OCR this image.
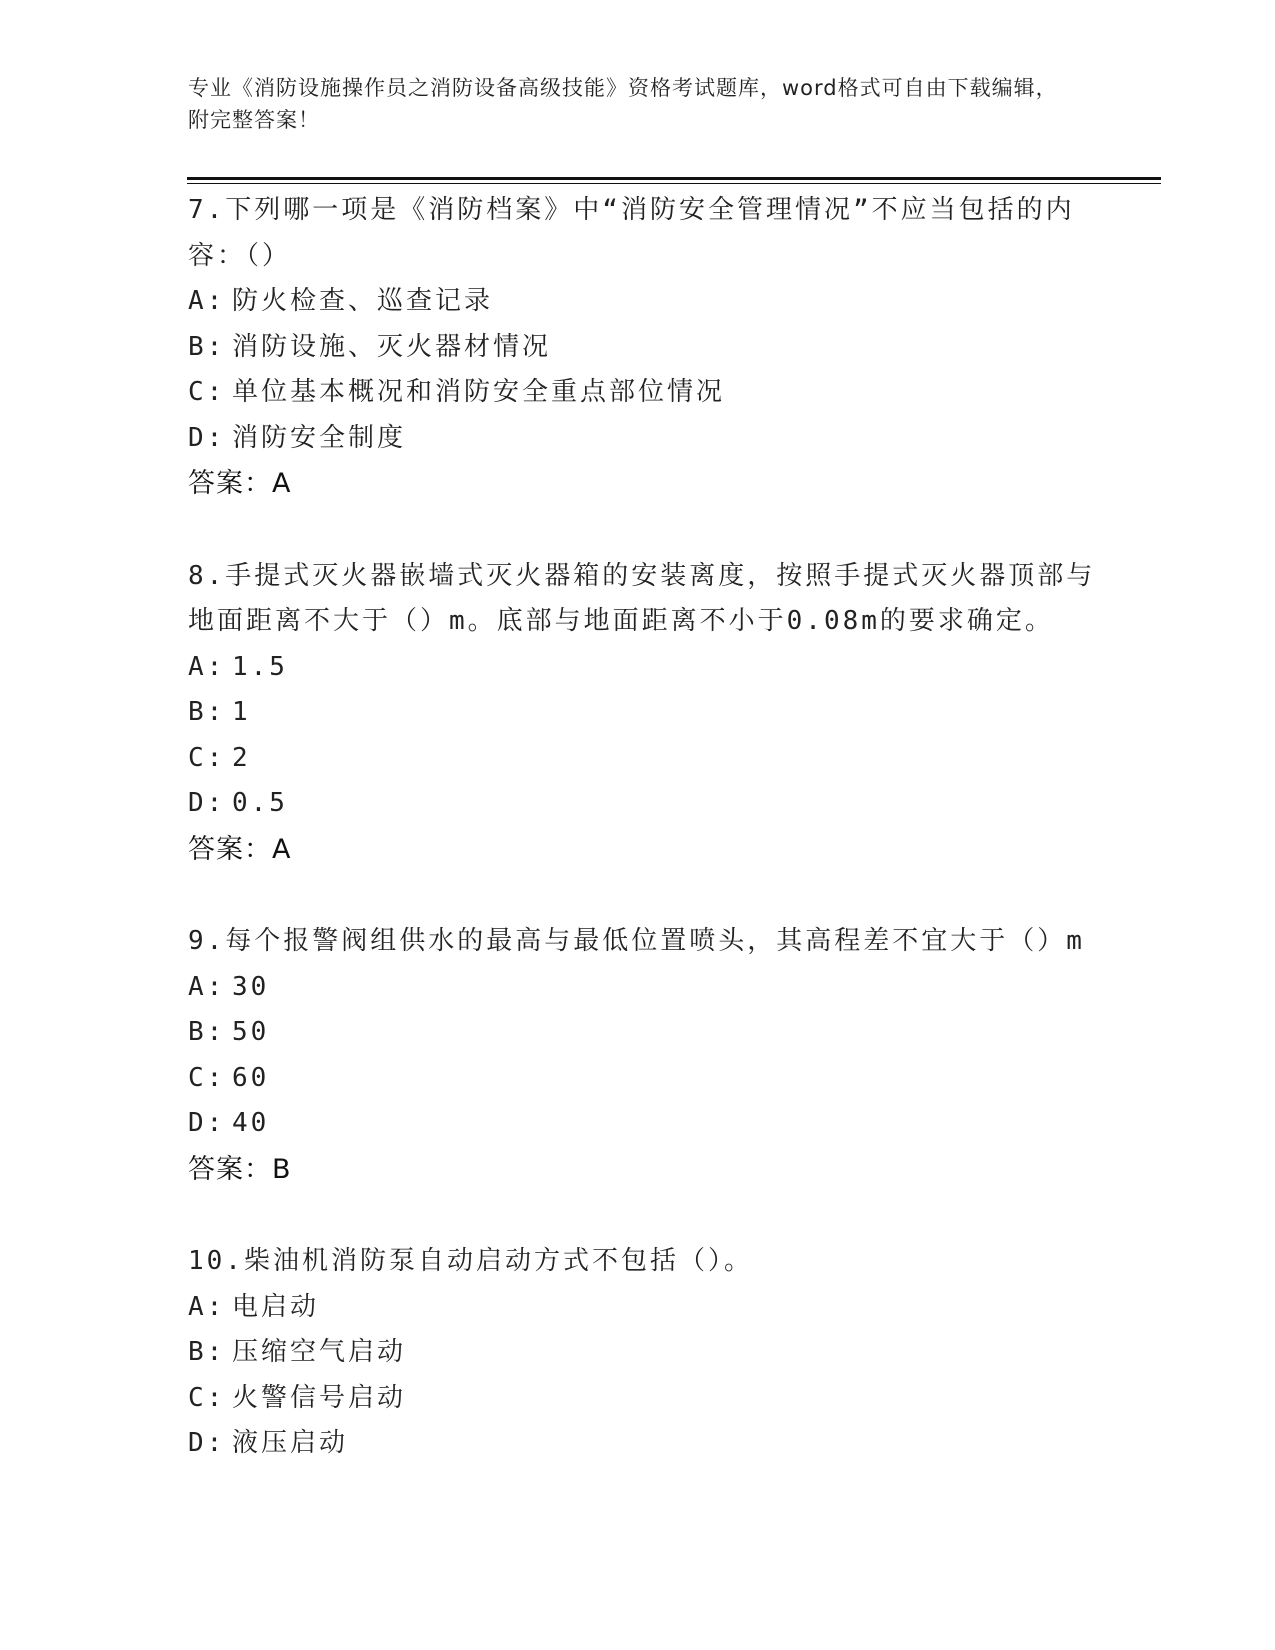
专业《消防设施操作员之消防设备高级技能》资格考试题库，word格式可自由下载编辑，附完整答案！
7.下列哪一项是《消防档案》中“消防安全管理情况”不应当包括的内容：（）
A: 防火检查、巡查记录
B: 消防设施、灭火器材情况
C: 单位基本概况和消防安全重点部位情况
D: 消防安全制度
答案：A
8.手提式灭火器嵌墙式灭火器箱的安装离度，按照手提式灭火器顶部与地面距离不大于（）m。底部与地面距离不小于0.08m的要求确定。
A: 1.5
B: 1
C: 2
D: 0.5
答案：A
9.每个报警阀组供水的最高与最低位置喷头，其高程差不宜大于（）m
A: 30
B: 50
C: 60
D: 40
答案：B
10.柴油机消防泵自动启动方式不包括（）。
A: 电启动
B: 压缩空气启动
C: 火警信号启动
D: 液压启动
